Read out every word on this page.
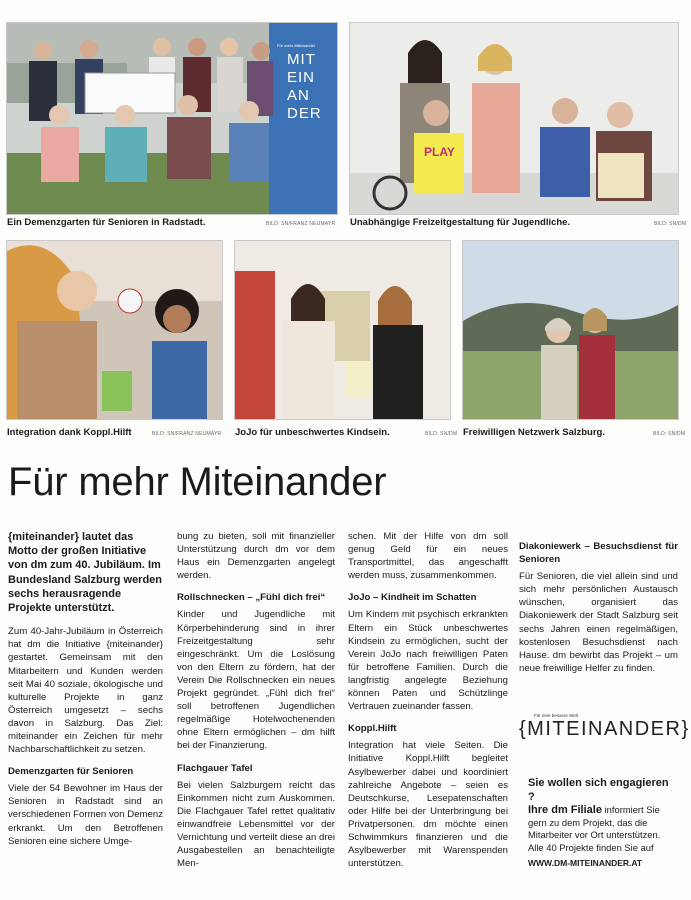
Für mehr Miteinander
MIT
EIN
AN
DER
Ein Demenzgarten für Senioren in Radstadt.	BILD: SN/FRANZ NEUMAYR
PLAY
Unabhängige Freizeitgestaltung für Jugendliche.	BILD: SN/DM
Integration dank Koppl.Hilft	BILD: SN/FRANZ NEUMAYR JoJo für unbeschwertes Kindsein.	BILD: SN/DM Freiwilligen Netzwerk Salzburg.	BILD: SN/DM
Für mehr Miteinander

{miteinander} lautet das Motto der großen Initiative von dm zum 40. Jubiläum. Im Bundesland Salzburg werden sechs herausragende Projekte unterstützt.

Zum 40-Jahr-Jubiläum in Österreich hat dm die Initiative {miteinander} gestartet. Gemeinsam mit den Mitarbeitern und Kunden werden seit Mai 40 soziale, ökologische und kulturelle Projekte in ganz Österreich umgesetzt – sechs davon in Salzburg. Das Ziel: miteinander ein Zeichen für mehr Nachbarschaftlichkeit zu setzen.

Demenzgarten für Senioren

Viele der 54 Bewohner im Haus der Senioren in Radstadt sind an verschiedenen Formen von Demenz erkrankt. Um den Betroffenen Senioren eine sichere Umge-

bung zu bieten, soll mit finanzieller Unterstützung durch dm vor dem Haus ein Demenzgarten angelegt werden.

Rollschnecken – „Fühl dich frei“

Kinder und Jugendliche mit Körperbehinderung sind in ihrer Freizeitgestaltung sehr eingeschränkt. Um die Loslösung von den Eltern zu fördern, hat der Verein Die Rollschnecken ein neues Projekt gegründet. „Fühl dich frei“ soll betroffenen Jugendlichen regelmäßige Hotelwochenenden ohne Eltern ermöglichen – dm hilft bei der Finanzierung.

Flachgauer Tafel

Bei vielen Salzburgern reicht das Einkommen nicht zum Auskommen. Die Flachgauer Tafel rettet qualitativ einwandfreie Lebensmittel vor der Vernichtung und verteilt diese an drei Ausgabestellen an benachteiligte Men-

schen. Mit der Hilfe von dm soll genug Geld für ein neues Transportmittel, das angeschafft werden muss, zusammenkommen.

JoJo – Kindheit im Schatten

Um Kindern mit psychisch erkrankten Eltern ein Stück unbeschwertes Kindsein zu ermöglichen, sucht der Verein JoJo nach freiwilligen Paten für betroffene Familien. Durch die langfristig angelegte Beziehung können Paten und Schützlinge Vertrauen zueinander fassen.

Koppl.Hilft

Integration hat viele Seiten. Die Initiative Koppl.Hilft begleitet Asylbewerber dabei und koordiniert zahlreiche Angebote – seien es Deutschkurse, Lesepatenschaften oder Hilfe bei der Unterbringung bei Privatpersonen. dm möchte einen Schwimmkurs finanzieren und die Asylbewerber mit Warenspenden unterstützen.

Diakoniewerk – Besuchsdienst für Senioren

Für Senioren, die viel allein sind und sich mehr persönlichen Austausch wünschen, organisiert das Diakoniewerk der Stadt Salzburg seit sechs Jahren einen regelmäßigen, kostenlosen Besuchsdienst nach Hause. dm bewirbt das Projekt – um neue freiwillige Helfer zu finden.

Für eine bessere Welt
{MITEINANDER}
Sie wollen sich engagieren ?
Ihre dm Filiale informiert Sie gern zu dem Projekt, das die Mitarbeiter vor Ort unterstützen. Alle 40 Projekte finden Sie auf
WWW.DM-MITEINANDER.AT
